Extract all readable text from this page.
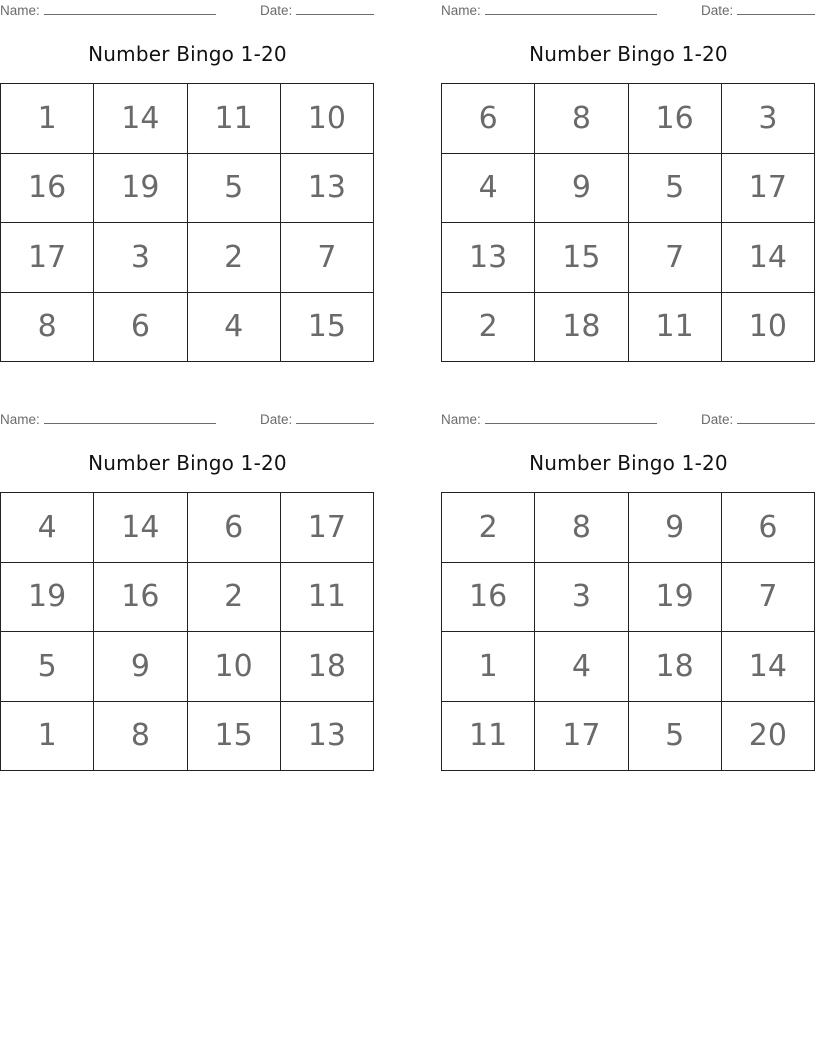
Name:	Date:
Number Bingo 1-20
1	14	11	10
16	19	5	13
17	3	2	7
8	6	4	15
Name:	Date:
Number Bingo 1-20
6	8	16	3
4	9	5	17
13	15	7	14
2	18	11	10
Name:	Date:
Number Bingo 1-20
4	14	6	17
19	16	2	11
5	9	10	18
1	8	15	13
Name:	Date:
Number Bingo 1-20
2	8	9	6
16	3	19	7
1	4	18	14
11	17	5	20
